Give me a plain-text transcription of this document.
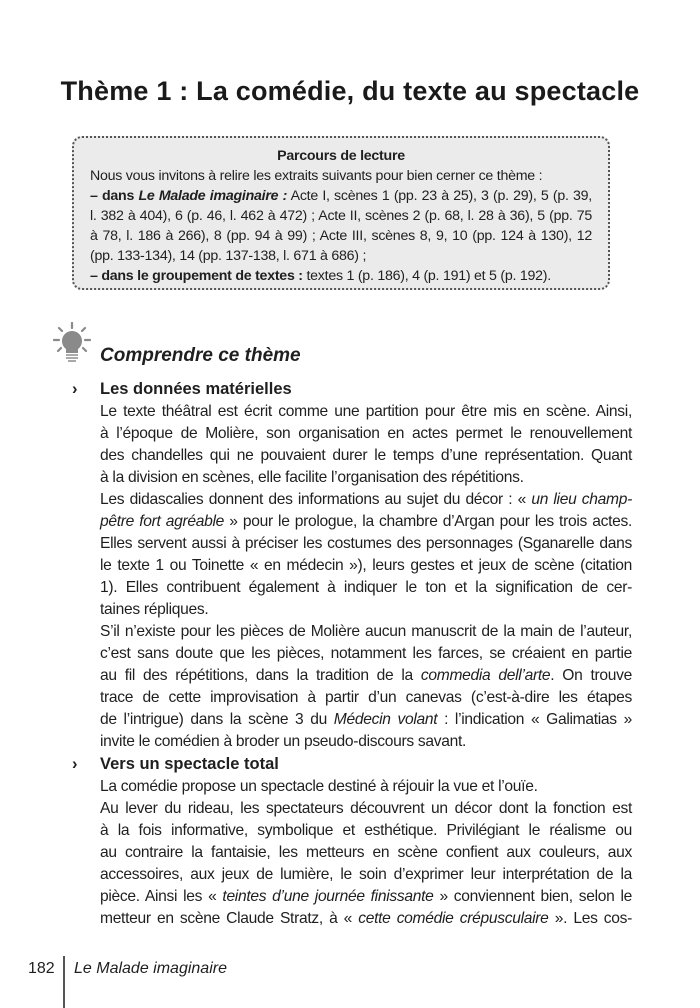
Thème 1 : La comédie, du texte au spectacle
Parcours de lecture
Nous vous invitons à relire les extraits suivants pour bien cerner ce thème :
– dans Le Malade imaginaire : Acte I, scènes 1 (pp. 23 à 25), 3 (p. 29), 5 (p. 39,
l. 382 à 404), 6 (p. 46, l. 462 à 472) ; Acte II, scènes 2 (p. 68, l. 28 à 36), 5 (pp. 75
à 78, l. 186 à 266), 8 (pp. 94 à 99) ; Acte III, scènes 8, 9, 10 (pp. 124 à 130), 12
(pp. 133-134), 14 (pp. 137-138, l. 671 à 686) ;
– dans le groupement de textes : textes 1 (p. 186), 4 (p. 191) et 5 (p. 192).
Comprendre ce thème
› Les données matérielles
Le texte théâtral est écrit comme une partition pour être mis en scène. Ainsi,
à l’époque de Molière, son organisation en actes permet le renouvellement
des chandelles qui ne pouvaient durer le temps d’une représentation. Quant
à la division en scènes, elle facilite l’organisation des répétitions.
Les didascalies donnent des informations au sujet du décor : « un lieu champ-
pêtre fort agréable » pour le prologue, la chambre d’Argan pour les trois actes.
Elles servent aussi à préciser les costumes des personnages (Sganarelle dans
le texte 1 ou Toinette « en médecin »), leurs gestes et jeux de scène (citation
1). Elles contribuent également à indiquer le ton et la signification de cer-
taines répliques.
S’il n’existe pour les pièces de Molière aucun manuscrit de la main de l’auteur,
c’est sans doute que les pièces, notamment les farces, se créaient en partie
au fil des répétitions, dans la tradition de la commedia dell’arte. On trouve
trace de cette improvisation à partir d’un canevas (c’est-à-dire les étapes
de l’intrigue) dans la scène 3 du Médecin volant : l’indication « Galimatias »
invite le comédien à broder un pseudo-discours savant.
› Vers un spectacle total
La comédie propose un spectacle destiné à réjouir la vue et l’ouïe.
Au lever du rideau, les spectateurs découvrent un décor dont la fonction est
à la fois informative, symbolique et esthétique. Privilégiant le réalisme ou
au contraire la fantaisie, les metteurs en scène confient aux couleurs, aux
accessoires, aux jeux de lumière, le soin d’exprimer leur interprétation de la
pièce. Ainsi les « teintes d’une journée finissante » conviennent bien, selon le
metteur en scène Claude Stratz, à « cette comédie crépusculaire ». Les cos-
182 Le Malade imaginaire
